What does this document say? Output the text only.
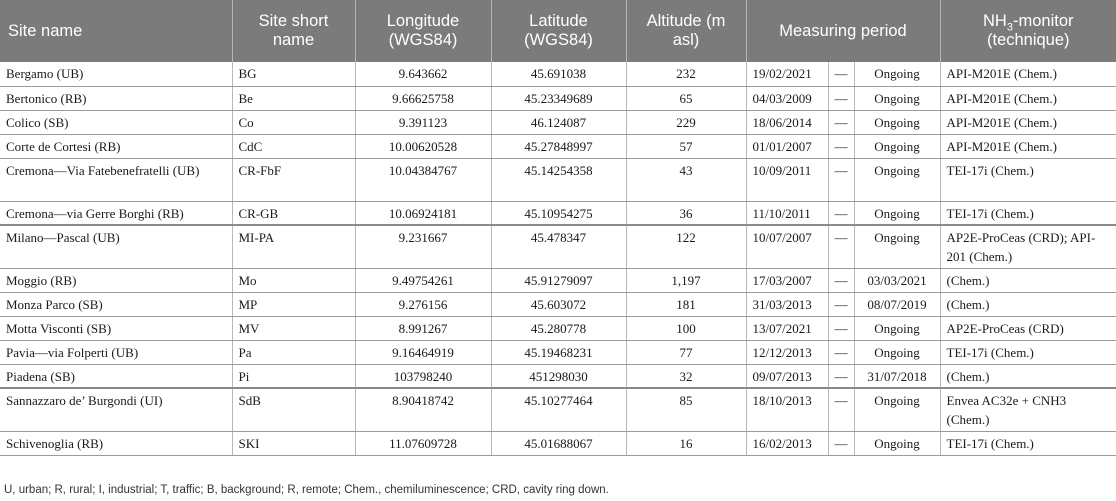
Site name	Site short name	Longitude (WGS84)	Latitude (WGS84)	Altitude (m asl)	Measuring period			$NH_3$-monitor (technique)
Bergamo (UB)	BG	9.643662	45.691038	232	19/02/2021	—	Ongoing	API-M201E (Chem.)
Bertonico (RB)	Be	9.66625758	45.23349689	65	04/03/2009	—	Ongoing	API-M201E (Chem.)
Colico (SB)	Co	9.391123	46.124087	229	18/06/2014	—	Ongoing	API-M201E (Chem.)
Corte de Cortesi (RB)	CdC	10.00620528	45.27848997	57	01/01/2007	—	Ongoing	API-M201E (Chem.)
Cremona—Via Fatebenefratelli (UB)	CR-FbF	10.04384767	45.14254358	43	10/09/2011	—	Ongoing	TEI-17i (Chem.)
Cremona—via Gerre Borghi (RB)	CR-GB	10.06924181	45.10954275	36	11/10/2011	—	Ongoing	TEI-17i (Chem.)
Milano—Pascal (UB)	MI-PA	9.231667	45.478347	122	10/07/2007	—	Ongoing	AP2E-ProCeas (CRD); API-201 (Chem.)
Moggio (RB)	Mo	9.49754261	45.91279097	1,197	17/03/2007	—	03/03/2021	(Chem.)
Monza Parco (SB)	MP	9.276156	45.603072	181	31/03/2013	—	08/07/2019	(Chem.)
Motta Visconti (SB)	MV	8.991267	45.280778	100	13/07/2021	—	Ongoing	AP2E-ProCeas (CRD)
Pavia—via Folperti (UB)	Pa	9.16464919	45.19468231	77	12/12/2013	—	Ongoing	TEI-17i (Chem.)
Piadena (SB)	Pi	103798240	451298030	32	09/07/2013	—	31/07/2018	(Chem.)
Sannazzaro de’ Burgondi (UI)	SdB	8.90418742	45.10277464	85	18/10/2013	—	Ongoing	Envea AC32e + CNH3 (Chem.)
Schivenoglia (RB)	SKI	11.07609728	45.01688067	16	16/02/2013	—	Ongoing	TEI-17i (Chem.)
U, urban; R, rural; I, industrial; T, traffic; B, background; R, remote; Chem., chemiluminescence; CRD, cavity ring down.
